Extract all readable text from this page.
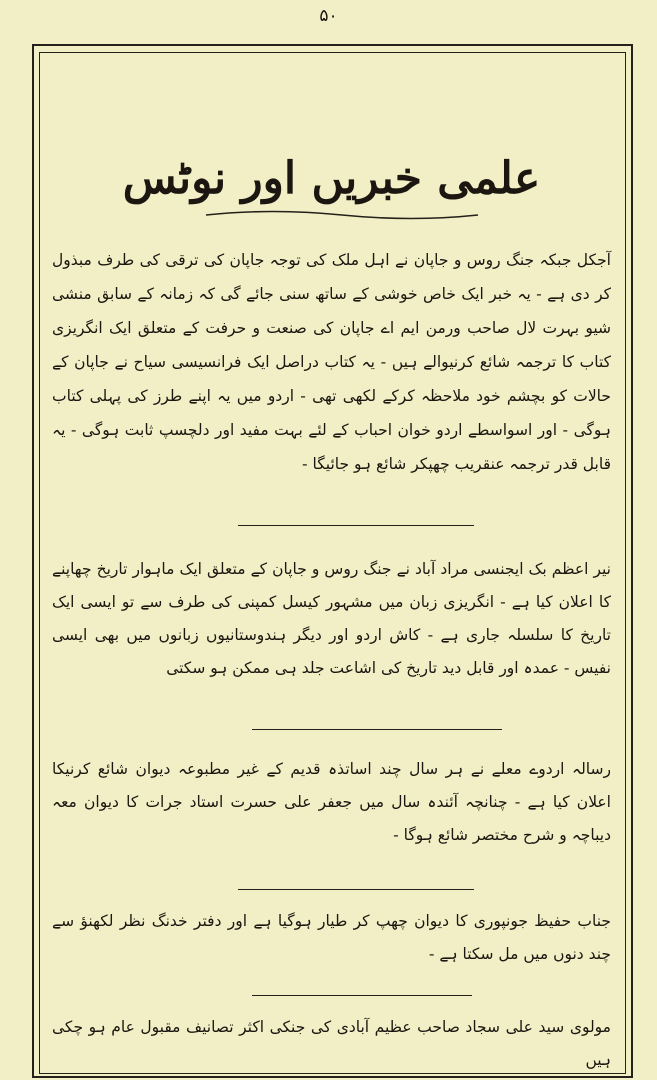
۵۰
علمی خبریں اور نوٹس
آجکل جبکہ جنگ روس و جاپان نے اہل ملک کی توجہ جاپان کی ترقی کی طرف مبذول کر دی ہے - یہ خبر ایک خاص خوشی کے ساتھ سنی جائے گی کہ زمانہ کے سابق منشی شیو بہرت لال صاحب ورمن ایم اے جاپان کی صنعت و حرفت کے متعلق ایک انگریزی کتاب کا ترجمہ شائع کرنیوالے ہیں - یہ کتاب دراصل ایک فرانسیسی سیاح نے جاپان کے حالات کو بچشم خود ملاحظہ کرکے لکھی تھی - اردو میں یہ اپنے طرز کی پہلی کتاب ہوگی - اور اسواسطے اردو خوان احباب کے لئے بہت مفید اور دلچسپ ثابت ہوگی - یہ قابل قدر ترجمہ عنقریب چھپکر شائع ہو جائیگا -
نیر اعظم بک ایجنسی مراد آباد نے جنگ روس و جاپان کے متعلق ایک ماہوار تاریخ چھاپنے کا اعلان کیا ہے - انگریزی زبان میں مشہور کیسل کمپنی کی طرف سے تو ایسی ایک تاریخ کا سلسلہ جاری ہے - کاش اردو اور دیگر ہندوستانیوں زبانوں میں بھی ایسی نفیس - عمدہ اور قابل دید تاریخ کی اشاعت جلد ہی ممکن ہو سکتی
رسالہ اردوے معلے نے ہر سال چند اساتذہ قدیم کے غیر مطبوعہ دیوان شائع کرنیکا اعلان کیا ہے - چنانچہ آئندہ سال میں جعفر علی حسرت استاد جرات کا دیوان معہ دیباچہ و شرح مختصر شائع ہوگا -
جناب حفیظ جونپوری کا دیوان چھپ کر طیار ہوگیا ہے اور دفتر خدنگ نظر لکھنؤ سے چند دنوں میں مل سکتا ہے -
مولوی سید علی سجاد صاحب عظیم آبادی کی جنکی اکثر تصانیف مقبول عام ہو چکی ہیں
